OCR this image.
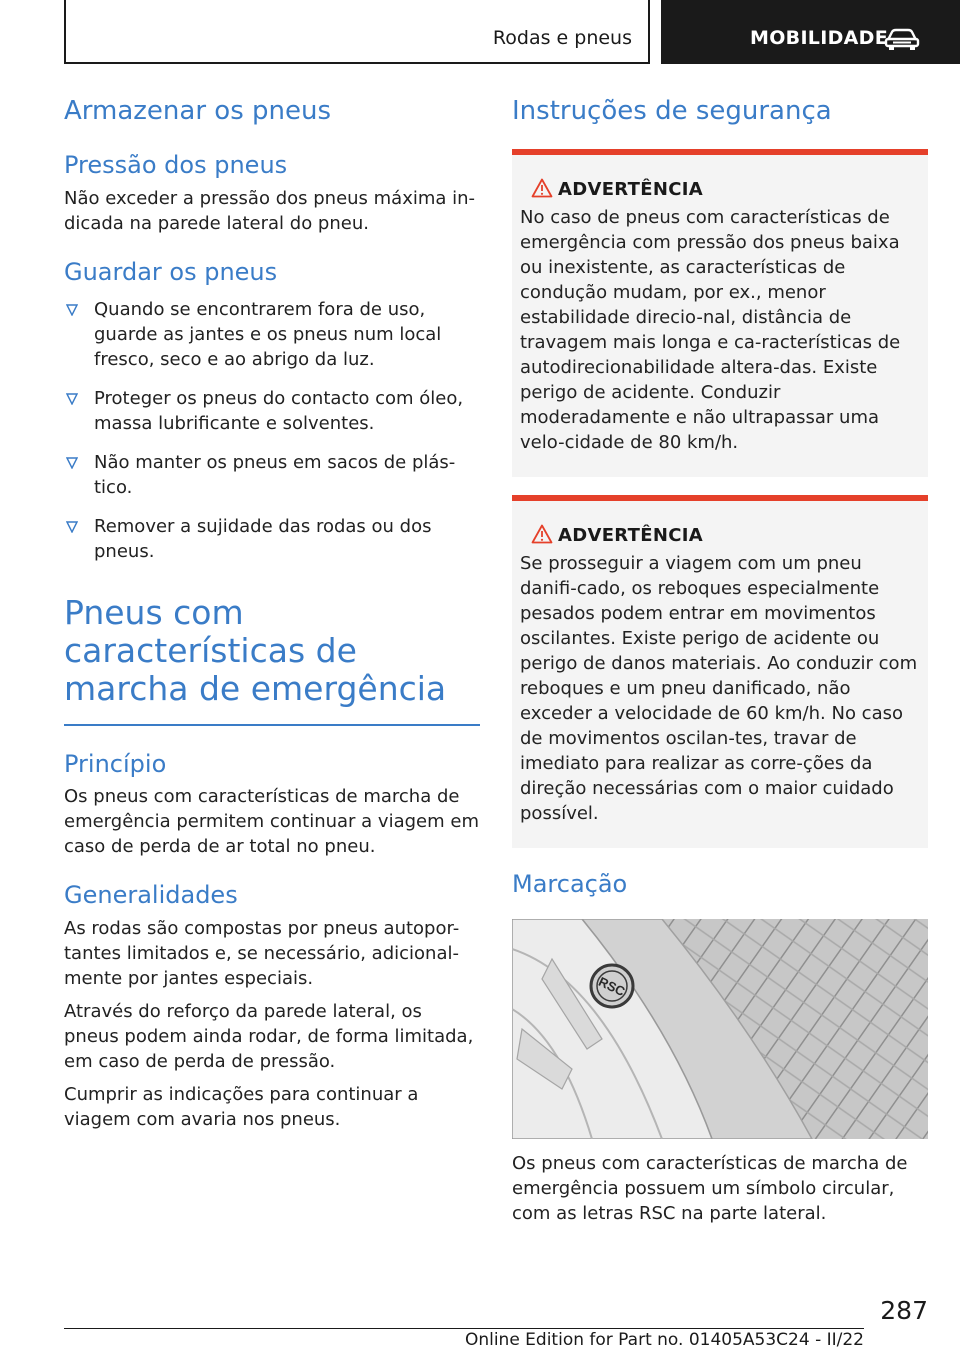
Rodas e pneus	MOBILIDADE
Armazenar os pneus
Pressão dos pneus

Não exceder a pressão dos pneus máxima in-dicada na parede lateral do pneu.

Guardar os pneus
Quando se encontrarem fora de uso, guarde as jantes e os pneus num local fresco, seco e ao abrigo da luz.
Proteger os pneus do contacto com óleo, massa lubrificante e solventes.
Não manter os pneus em sacos de plás-tico.
Remover a sujidade das rodas ou dos pneus.
Pneus com características de marcha de emergência
Princípio

Os pneus com características de marcha de emergência permitem continuar a viagem em caso de perda de ar total no pneu.

Generalidades

As rodas são compostas por pneus autopor-tantes limitados e, se necessário, adicional-mente por jantes especiais.

Através do reforço da parede lateral, os pneus podem ainda rodar, de forma limitada, em caso de perda de pressão.

Cumprir as indicações para continuar a viagem com avaria nos pneus.

Instruções de segurança
ADVERTÊNCIA

No caso de pneus com características de emergência com pressão dos pneus baixa ou inexistente, as características de condução mudam, por ex., menor estabilidade direcio-nal, distância de travagem mais longa e ca-racterísticas de autodirecionabilidade altera-das. Existe perigo de acidente. Conduzir moderadamente e não ultrapassar uma velo-cidade de 80 km/h.

ADVERTÊNCIA

Se prosseguir a viagem com um pneu danifi-cado, os reboques especialmente pesados podem entrar em movimentos oscilantes. Existe perigo de acidente ou perigo de danos materiais. Ao conduzir com reboques e um pneu danificado, não exceder a velocidade de 60 km/h. No caso de movimentos oscilan-tes, travar de imediato para realizar as corre-ções da direção necessárias com o maior cuidado possível.

Marcação
RSC

Os pneus com características de marcha de emergência possuem um símbolo circular, com as letras RSC na parte lateral.

287
Online Edition for Part no. 01405A53C24 - II/22
